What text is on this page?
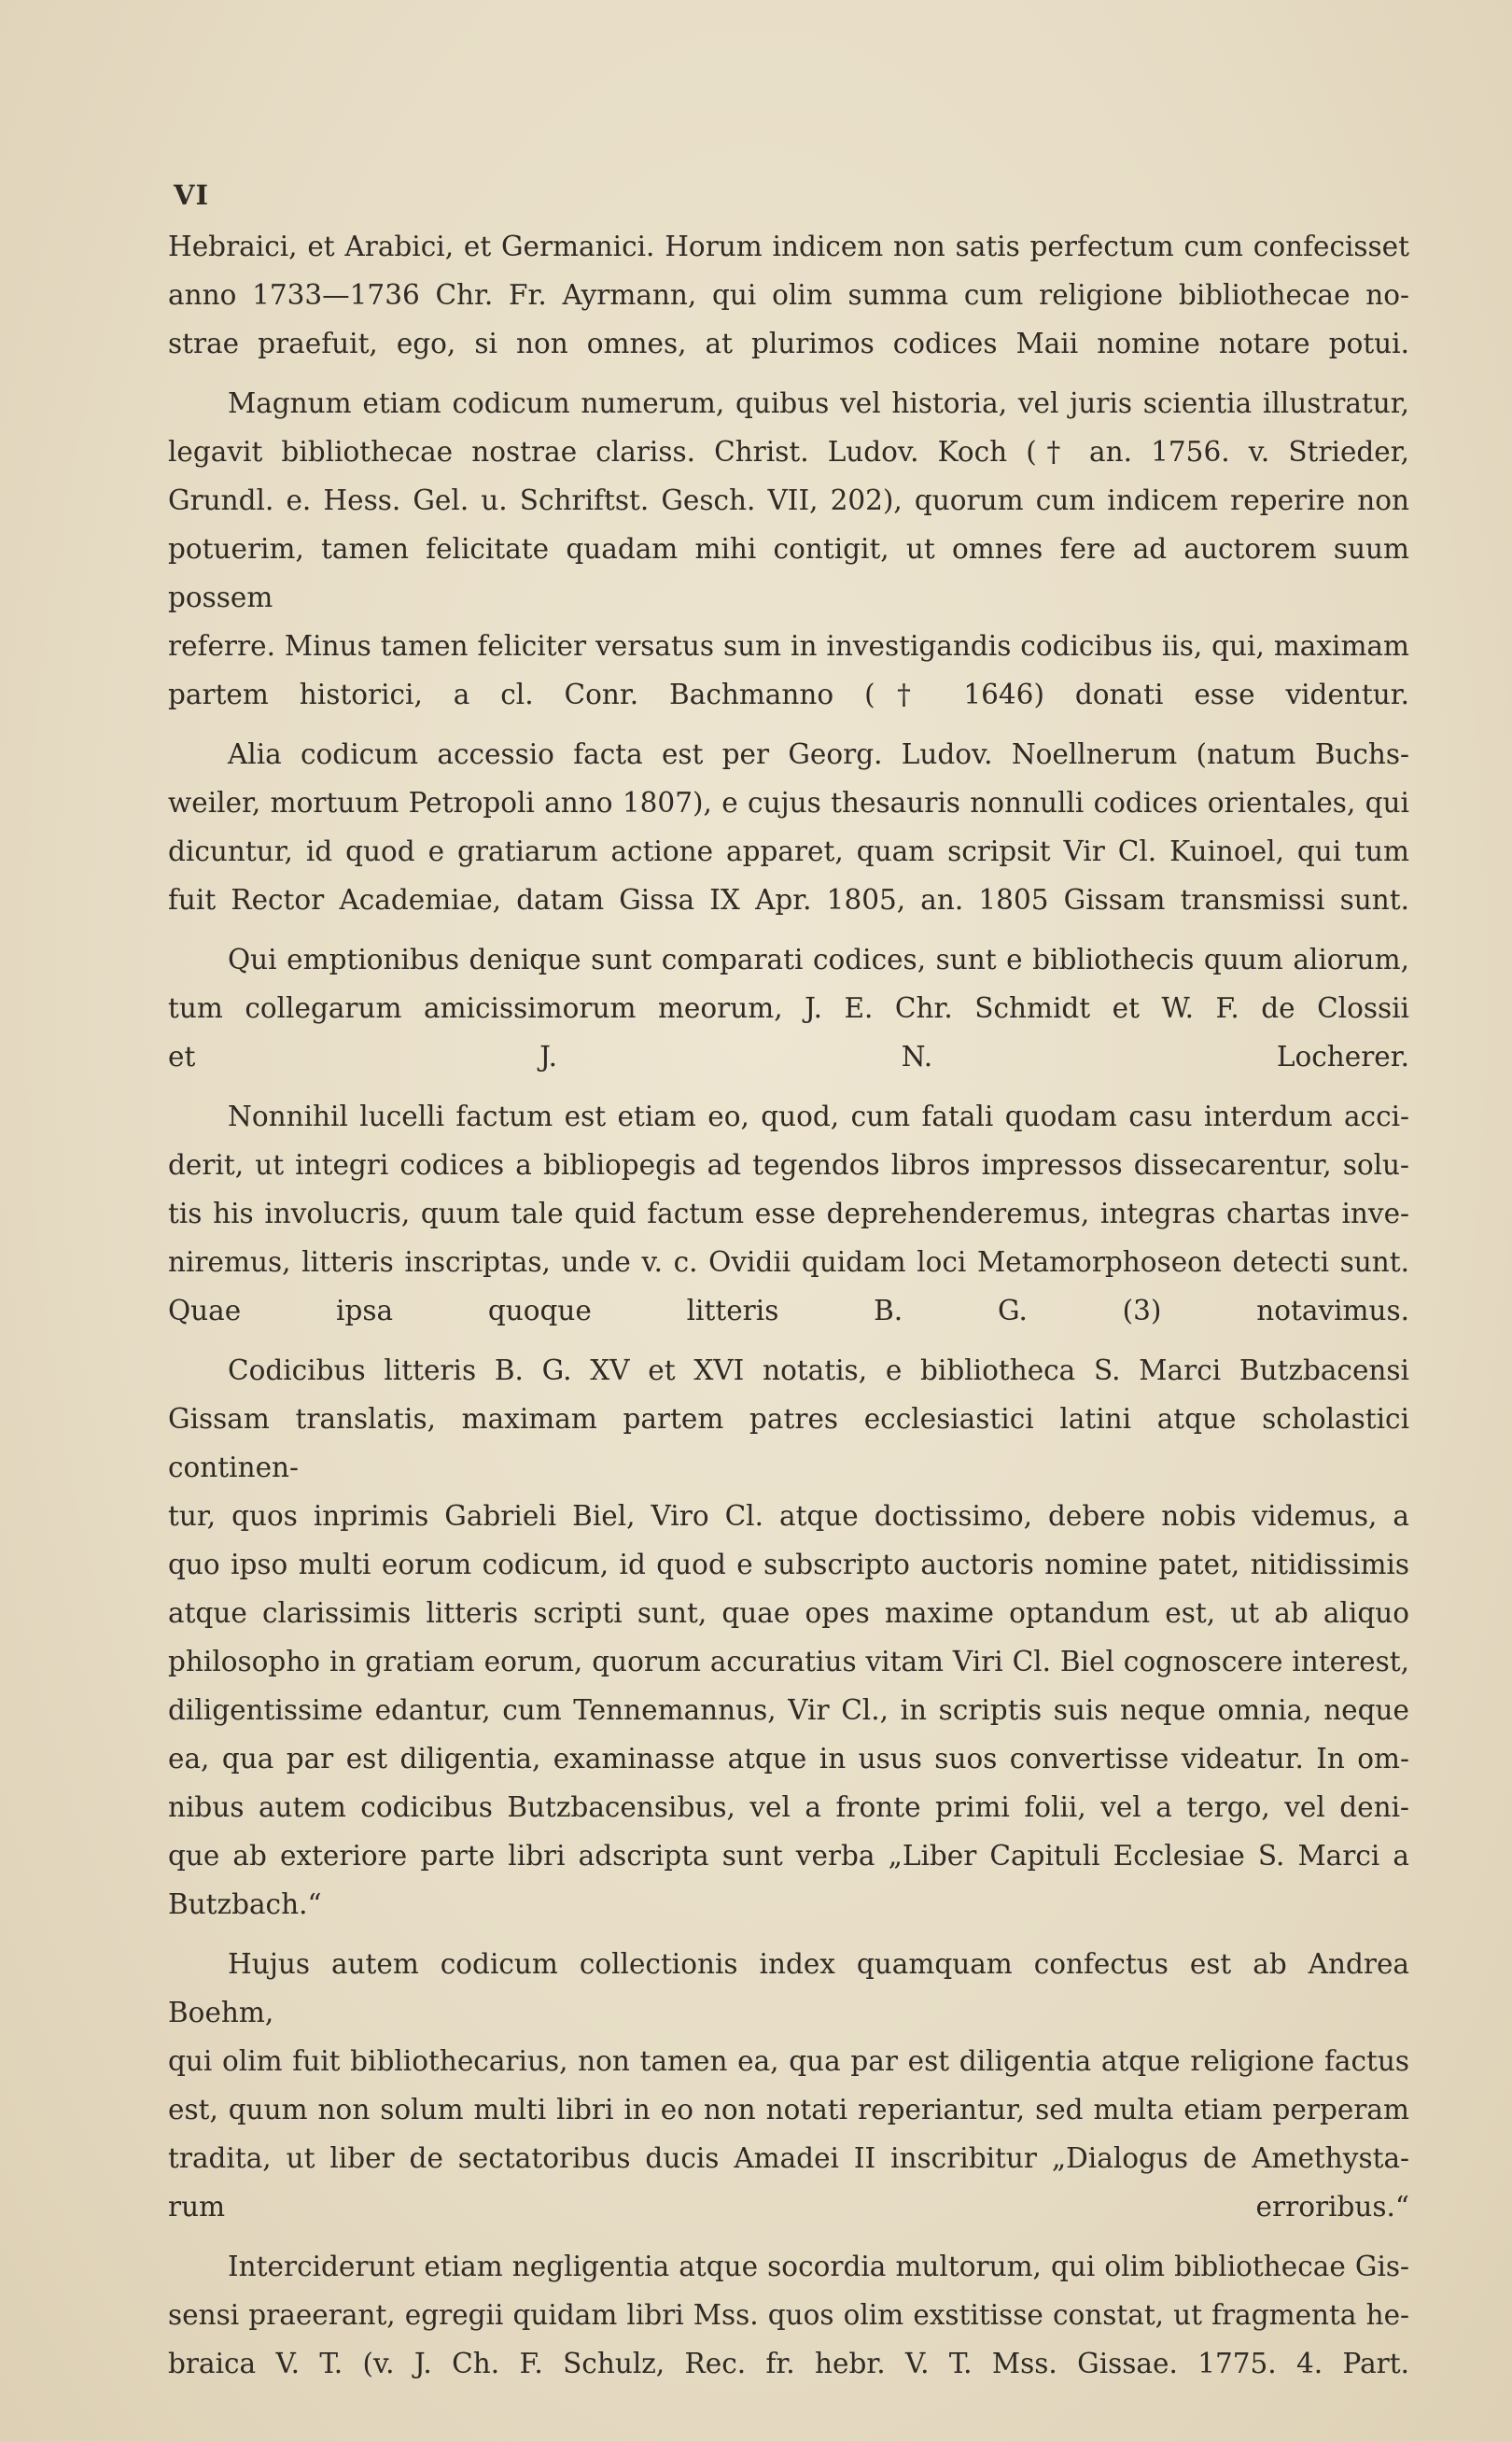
VI

Hebraici, et Arabici, et Germanici. Horum indicem non satis perfectum cum confecisset
anno 1733—1736 Chr. Fr. Ayrmann, qui olim summa cum religione bibliothecae no-
strae praefuit, ego, si non omnes, at plurimos codices Maii nomine notare potui.

Magnum etiam codicum numerum, quibus vel historia, vel juris scientia illustratur,
legavit bibliothecae nostrae clariss. Christ. Ludov. Koch († an. 1756. v. Strieder,
Grundl. e. Hess. Gel. u. Schriftst. Gesch. VII, 202), quorum cum indicem reperire non
potuerim, tamen felicitate quadam mihi contigit, ut omnes fere ad auctorem suum possem
referre. Minus tamen feliciter versatus sum in investigandis codicibus iis, qui, maximam
partem historici, a cl. Conr. Bachmanno († 1646) donati esse videntur.

Alia codicum accessio facta est per Georg. Ludov. Noellnerum (natum Buchs-
weiler, mortuum Petropoli anno 1807), e cujus thesauris nonnulli codices orientales, qui
dicuntur, id quod e gratiarum actione apparet, quam scripsit Vir Cl. Kuinoel, qui tum
fuit Rector Academiae, datam Gissa IX Apr. 1805, an. 1805 Gissam transmissi sunt.

Qui emptionibus denique sunt comparati codices, sunt e bibliothecis quum aliorum,
tum collegarum amicissimorum meorum, J. E. Chr. Schmidt et W. F. de Clossii
et J. N. Locherer.

Nonnihil lucelli factum est etiam eo, quod, cum fatali quodam casu interdum acci-
derit, ut integri codices a bibliopegis ad tegendos libros impressos dissecarentur, solu-
tis his involucris, quum tale quid factum esse deprehenderemus, integras chartas inve-
niremus, litteris inscriptas, unde v. c. Ovidii quidam loci Metamorphoseon detecti sunt.
Quae ipsa quoque litteris B. G. (3) notavimus.

Codicibus litteris B. G. XV et XVI notatis, e bibliotheca S. Marci Butzbacensi
Gissam translatis, maximam partem patres ecclesiastici latini atque scholastici continen-
tur, quos inprimis Gabrieli Biel, Viro Cl. atque doctissimo, debere nobis videmus, a
quo ipso multi eorum codicum, id quod e subscripto auctoris nomine patet, nitidissimis
atque clarissimis litteris scripti sunt, quae opes maxime optandum est, ut ab aliquo
philosopho in gratiam eorum, quorum accuratius vitam Viri Cl. Biel cognoscere interest,
diligentissime edantur, cum Tennemannus, Vir Cl., in scriptis suis neque omnia, neque
ea, qua par est diligentia, examinasse atque in usus suos convertisse videatur. In om-
nibus autem codicibus Butzbacensibus, vel a fronte primi folii, vel a tergo, vel deni-
que ab exteriore parte libri adscripta sunt verba „Liber Capituli Ecclesiae S. Marci a
Butzbach.“

Hujus autem codicum collectionis index quamquam confectus est ab Andrea Boehm,
qui olim fuit bibliothecarius, non tamen ea, qua par est diligentia atque religione factus
est, quum non solum multi libri in eo non notati reperiantur, sed multa etiam perperam
tradita, ut liber de sectatoribus ducis Amadei II inscribitur „Dialogus de Amethysta-
rum erroribus.“

Interciderunt etiam negligentia atque socordia multorum, qui olim bibliothecae Gis-
sensi praeerant, egregii quidam libri Mss. quos olim exstitisse constat, ut fragmenta he-
braica V. T. (v. J. Ch. F. Schulz, Rec. fr. hebr. V. T. Mss. Gissae. 1775. 4. Part.
